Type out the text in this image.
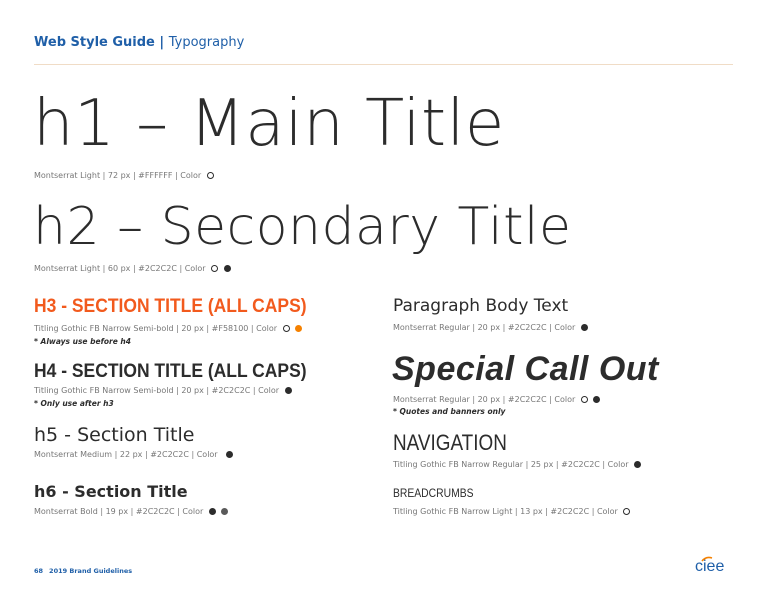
Web Style Guide | Typography
h1 – Main Title
Montserrat Light | 72 px | #FFFFFF | Color
h2 – Secondary Title
Montserrat Light | 60 px | #2C2C2C | Color
H3 - SECTION TITLE (ALL CAPS)
Titling Gothic FB Narrow Semi-bold | 20 px | #F58100 | Color
* Always use before h4
H4 - SECTION TITLE (ALL CAPS)
Titling Gothic FB Narrow Semi-bold | 20 px | #2C2C2C | Color
* Only use after h3
h5 - Section Title
Montserrat Medium | 22 px | #2C2C2C | Color
h6 - Section Title
Montserrat Bold | 19 px | #2C2C2C | Color
Paragraph Body Text
Montserrat Regular | 20 px | #2C2C2C | Color
Special Call Out
Montserrat Regular | 20 px | #2C2C2C | Color
* Quotes and banners only
NAVIGATION
Titling Gothic FB Narrow Regular | 25 px | #2C2C2C | Color
BREADCRUMBS
Titling Gothic FB Narrow Light | 13 px | #2C2C2C | Color
68 2019 Brand Guidelines	ciee
